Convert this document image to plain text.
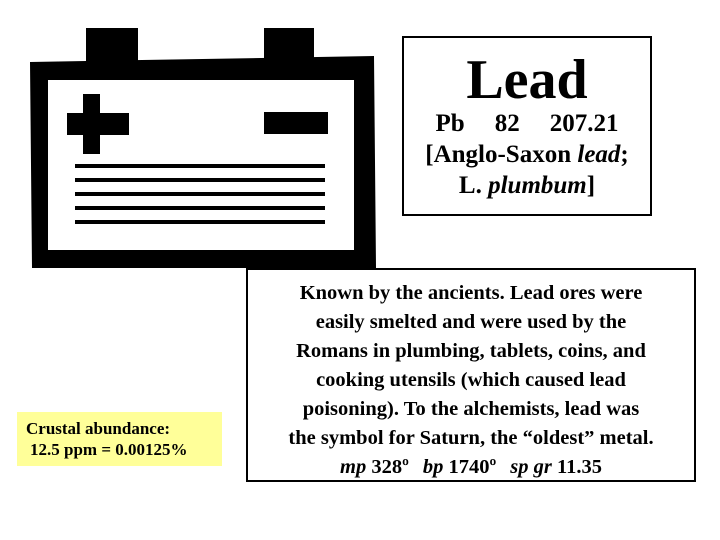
Lead
Pb 82 207.21
[Anglo-Saxon lead;
L. plumbum]
Known by the ancients. Lead ores were
easily smelted and were used by the
Romans in plumbing, tablets, coins, and
cooking utensils (which caused lead
poisoning). To the alchemists, lead was
the symbol for Saturn, the “oldest” metal.
mp 328º bp 1740º sp gr 11.35
Crustal abundance:
12.5 ppm = 0.00125%
